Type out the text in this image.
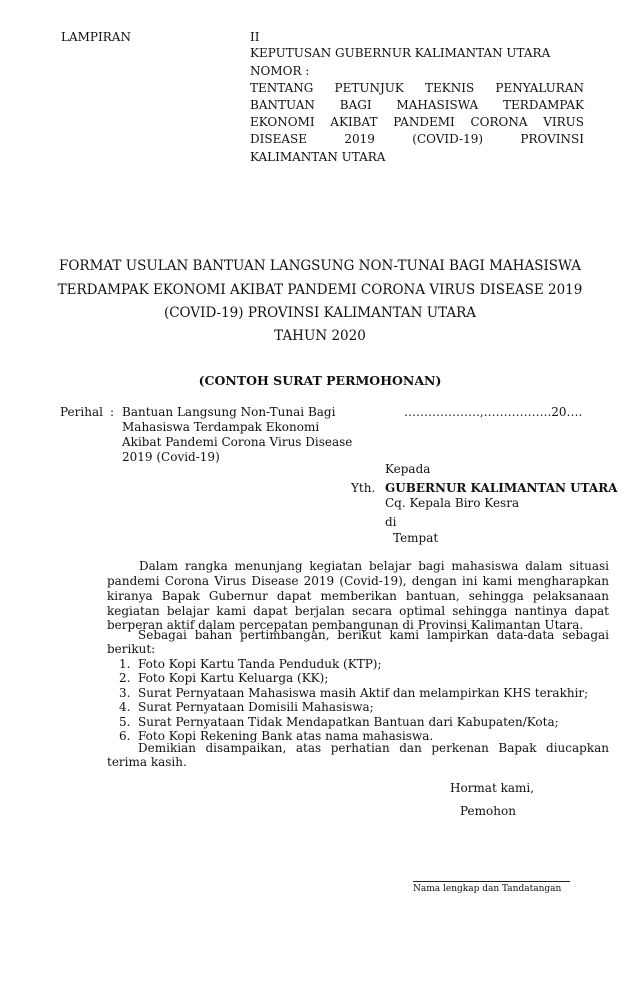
LAMPIRAN	II
KEPUTUSAN GUBERNUR KALIMANTAN UTARA
NOMOR :
TENTANG PETUNJUK TEKNIS PENYALURAN
BANTUAN BAGI MAHASISWA TERDAMPAK
EKONOMI AKIBAT PANDEMI CORONA VIRUS
DISEASE 2019 (COVID-19) PROVINSI
KALIMANTAN UTARA
FORMAT USULAN BANTUAN LANGSUNG NON-TUNAI BAGI MAHASISWA
TERDAMPAK EKONOMI AKIBAT PANDEMI CORONA VIRUS DISEASE 2019
(COVID-19) PROVINSI KALIMANTAN UTARA
TAHUN 2020
(CONTOH SURAT PERMOHONAN)
Perihal : Bantuan Langsung Non-Tunai Bagi
Mahasiswa Terdampak Ekonomi
Akibat Pandemi Corona Virus Disease
2019 (Covid-19)
……………….,……………..20….
Kepada
Yth. GUBERNUR KALIMANTAN UTARA
Cq. Kepala Biro Kesra
di
Tempat
Dalam rangka menunjang kegiatan belajar bagi mahasiswa dalam situasi
pandemi Corona Virus Disease 2019 (Covid-19), dengan ini kami mengharapkan
kiranya Bapak Gubernur dapat memberikan bantuan, sehingga pelaksanaan
kegiatan belajar kami dapat berjalan secara optimal sehingga nantinya dapat
berperan aktif dalam percepatan pembangunan di Provinsi Kalimantan Utara.
Sebagai bahan pertimbangan, berikut kami lampirkan data-data sebagai
berikut:
1. Foto Kopi Kartu Tanda Penduduk (KTP);
2. Foto Kopi Kartu Keluarga (KK);
3. Surat Pernyataan Mahasiswa masih Aktif dan melampirkan KHS terakhir;
4. Surat Pernyataan Domisili Mahasiswa;
5. Surat Pernyataan Tidak Mendapatkan Bantuan dari Kabupaten/Kota;
6. Foto Kopi Rekening Bank atas nama mahasiswa.
Demikian disampaikan, atas perhatian dan perkenan Bapak diucapkan
terima kasih.
Hormat kami,
Pemohon
Nama lengkap dan Tandatangan
